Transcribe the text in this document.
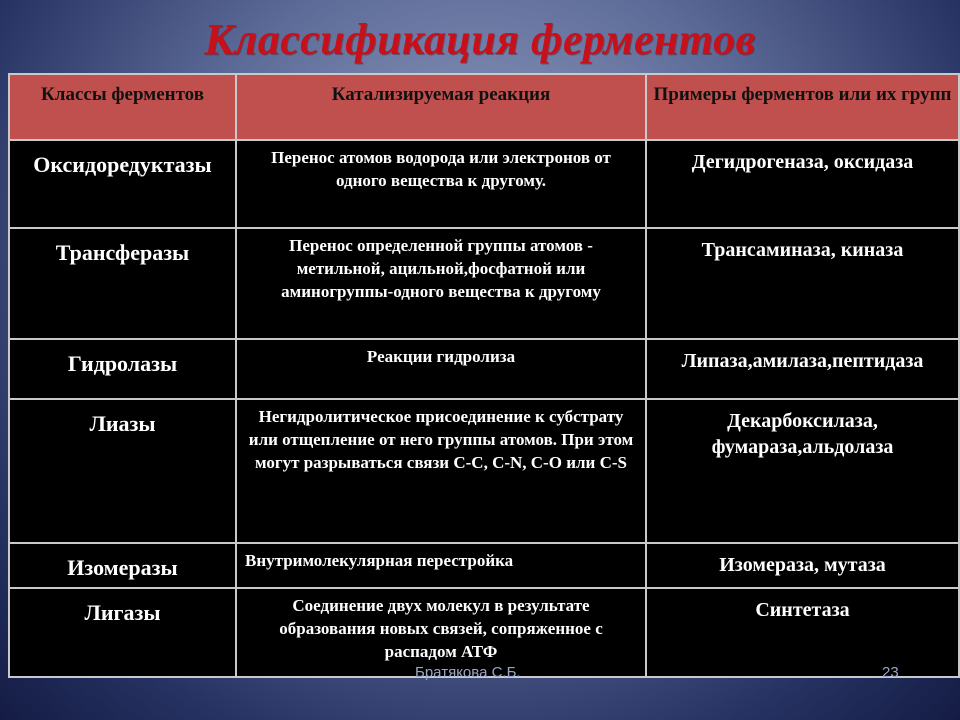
Классификация ферментов
Классы ферментов	Катализируемая реакция	Примеры ферментов или их групп
Оксидоредуктазы	Перенос атомов водорода или электронов от одного вещества к другому.	Дегидрогеназа, оксидаза
Трансферазы	Перенос определенной группы атомов - метильной, ацильной,фосфатной или аминогруппы-одного вещества к другому	Трансаминаза, киназа
Гидролазы	Реакции гидролиза	Липаза,амилаза,пептидаза
Лиазы	Негидролитическое присоединение к субстрату или отщепление от него группы атомов. При этом могут разрываться связи C-C, C-N, C-O или C-S	Декарбоксилаза, фумараза,альдолаза
Изомеразы	Внутримолекулярная перестройка	Изомераза, мутаза
Лигазы	Соединение двух молекул в результате образования новых связей, сопряженное с распадом АТФ	Синтетаза
Братякова С.Б.	23
